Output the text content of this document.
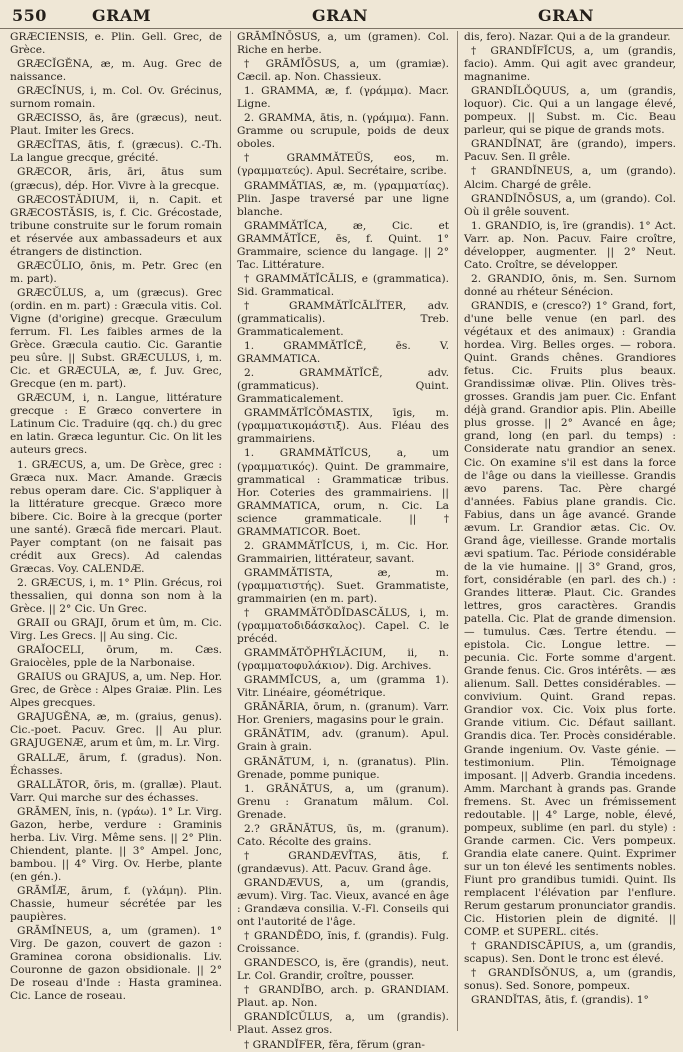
550	GRAM	GRAN	GRAN

GRÆCIENSIS, e. Plin. Gell. Grec, de Grèce.

GRÆCĬGĔNA, æ, m. Aug. Grec de naissance.

GRÆCĬNUS, i, m. Col. Ov. Grécinus, surnom romain.

GRÆCISSO, ās, āre (græcus), neut. Plaut. Imiter les Grecs.

GRÆCĬTAS, ātis, f. (græcus). C.-Th. La langue grecque, grécité.

GRÆCOR, āris, āri, ātus sum (græcus), dép. Hor. Vivre à la grecque.

GRÆCOSTĂDIUM, ii, n. Capit. et GRÆCOSTĂSIS, is, f. Cic. Grécostade, tribune construite sur le forum romain et réservée aux ambassadeurs et aux étrangers de distinction.

GRÆCŬLIO, ōnis, m. Petr. Grec (en m. part).

GRÆCŬLUS, a, um (græcus). Grec (ordin. en m. part) : Græcula vitis. Col. Vigne (d'origine) grecque. Græculum ferrum. Fl. Les faibles armes de la Grèce. Græcula cautio. Cic. Garantie peu sûre. || Subst. GRÆCULUS, i, m. Cic. et GRÆCULA, æ, f. Juv. Grec, Grecque (en m. part).

GRÆCUM, i, n. Langue, littérature grecque : E Græco convertere in Latinum Cic. Traduire (qq. ch.) du grec en latin. Græca leguntur. Cic. On lit les auteurs grecs.

1. GRÆCUS, a, um. De Grèce, grec : Græca nux. Macr. Amande. Græcis rebus operam dare. Cic. S'appliquer à la littérature grecque. Græco more bibere. Cic. Boire à la grecque (porter une santé). Græcā fide mercari. Plaut. Payer comptant (on ne faisait pas crédit aux Grecs). Ad calendas Græcas. Voy. CALENDÆ.

2. GRÆCUS, i, m. 1° Plin. Grécus, roi thessalien, qui donna son nom à la Grèce. || 2° Cic. Un Grec.

GRAII ou GRAJI, ōrum et ûm, m. Cic. Virg. Les Grecs. || Au sing. Cic.

GRAĬOCELI, ōrum, m. Cæs. Graiocèles, pple de la Narbonaise.

GRAIUS ou GRAJUS, a, um. Nep. Hor. Grec, de Grèce : Alpes Graiæ. Plin. Les Alpes grecques.

GRAJUGĔNA, æ, m. (graius, genus). Cic.-poet. Pacuv. Grec. || Au plur. GRAJUGENÆ, arum et ûm, m. Lr. Virg.

GRALLÆ, ārum, f. (gradus). Non. Échasses.

GRALLĀTOR, ōris, m. (grallæ). Plaut. Varr. Qui marche sur des échasses.

GRĀMEN, ĭnis, n. (γράω). 1° Lr. Virg. Gazon, herbe, verdure : Graminis herba. Liv. Virg. Même sens. || 2° Plin. Chiendent, plante. || 3° Ampel. Jonc, bambou. || 4° Virg. Ov. Herbe, plante (en gén.).

GRĀMĬÆ, ārum, f. (γλάμη). Plin. Chassie, humeur sécrétée par les paupières.

GRĀMĬNEUS, a, um (gramen). 1° Virg. De gazon, couvert de gazon : Graminea corona obsidionalis. Liv. Couronne de gazon obsidionale. || 2° De roseau d'Inde : Hasta graminea. Cic. Lance de roseau.

GRĀMĬNŌSUS, a, um (gramen). Col. Riche en herbe.

† GRĀMĬŌSUS, a, um (gramiæ). Cæcil. ap. Non. Chassieux.

1. GRAMMA, æ, f. (γράμμα). Macr. Ligne.

2. GRAMMA, ātis, n. (γράμμα). Fann. Gramme ou scrupule, poids de deux oboles.

† GRAMMĂTEŬS, eos, m. (γραμματεύς). Apul. Secrétaire, scribe.

GRAMMĂTIAS, æ, m. (γραμματίας). Plin. Jaspe traversé par une ligne blanche.

GRAMMĂTĬCA, æ, Cic. et GRAMMĂTĬCE, ēs, f. Quint. 1° Grammaire, science du langage. || 2° Tac. Littérature.

† GRAMMĂTĬCĀLIS, e (grammatica). Sid. Grammatical.

† GRAMMĂTĬCĀLĬTER, adv. (grammaticalis). Treb. Grammaticalement.

1. GRAMMĂTĬCĒ, ēs. V. GRAMMATICA.

2. GRAMMĂTĬCĒ, adv. (grammaticus). Quint. Grammaticalement.

GRAMMĂTĬCŎMASTIX, īgis, m. (γραμματικομάστιξ). Aus. Fléau des grammairiens.

1. GRAMMĂTĬCUS, a, um (γραμματικός). Quint. De grammaire, grammatical : Grammaticæ tribus. Hor. Coteries des grammairiens. || GRAMMATICA, orum, n. Cic. La science grammaticale. || † GRAMMATICOR. Boet.

2. GRAMMĂTĬCUS, i, m. Cic. Hor. Grammairien, littérateur, savant.

GRAMMĂTISTA, æ, m. (γραμματιστής). Suet. Grammatiste, grammairien (en m. part).

† GRAMMĂTŎDĬDASCĂLUS, i, m. (γραμματοδιδάσκαλος). Capel. C. le précéd.

GRAMMĂTŎPHȲLĂCIUM, ii, n. (γραμματοφυλάκιον). Dig. Archives.

GRAMMĬCUS, a, um (gramma 1). Vitr. Linéaire, géométrique.

GRĀNĀRIA, ōrum, n. (granum). Varr. Hor. Greniers, magasins pour le grain.

GRĀNĀTIM, adv. (granum). Apul. Grain à grain.

GRĀNĀTUM, i, n. (granatus). Plin. Grenade, pomme punique.

1. GRĀNĀTUS, a, um (granum). Grenu : Granatum mālum. Col. Grenade.

2.? GRĀNĀTUS, ūs, m. (granum). Cato. Récolte des grains.

† GRANDÆVĬTAS, ātis, f. (grandævus). Att. Pacuv. Grand âge.

GRANDÆVUS, a, um (grandis, ævum). Virg. Tac. Vieux, avancé en âge : Grandæva consilia. V.-Fl. Conseils qui ont l'autorité de l'âge.

† GRANDĒDO, ĭnis, f. (grandis). Fulg. Croissance.

GRANDESCO, is, ĕre (grandis), neut. Lr. Col. Grandir, croître, pousser.

† GRANDĬBO, arch. p. GRANDIAM. Plaut. ap. Non.

GRANDĬCŬLUS, a, um (grandis). Plaut. Assez gros.

† GRANDĬFER, fĕra, fĕrum (gran-

dis, fero). Nazar. Qui a de la grandeur.

† GRANDĬFĬCUS, a, um (grandis, facio). Amm. Qui agit avec grandeur, magnanime.

GRANDĬLŎQUUS, a, um (grandis, loquor). Cic. Qui a un langage élevé, pompeux. || Subst. m. Cic. Beau parleur, qui se pique de grands mots.

GRANDĬNAT, āre (grando), impers. Pacuv. Sen. Il grêle.

† GRANDĬNEUS, a, um (grando). Alcim. Chargé de grêle.

GRANDĬNŌSUS, a, um (grando). Col. Où il grêle souvent.

1. GRANDIO, is, īre (grandis). 1° Act. Varr. ap. Non. Pacuv. Faire croître, développer, augmenter. || 2° Neut. Cato. Croître, se développer.

2. GRANDIO, ōnis, m. Sen. Surnom donné au rhéteur Sénécion.

GRANDIS, e (cresco?) 1° Grand, fort, d'une belle venue (en parl. des végétaux et des animaux) : Grandia hordea. Virg. Belles orges. — robora. Quint. Grands chênes. Grandiores fetus. Cic. Fruits plus beaux. Grandissimæ olivæ. Plin. Olives très-grosses. Grandis jam puer. Cic. Enfant déjà grand. Grandior apis. Plin. Abeille plus grosse. || 2° Avancé en âge; grand, long (en parl. du temps) : Considerate natu grandior an senex. Cic. On examine s'il est dans la force de l'âge ou dans la vieillesse. Grandis ævo parens. Tac. Père chargé d'années. Fabius plane grandis. Cic. Fabius, dans un âge avancé. Grande ævum. Lr. Grandior ætas. Cic. Ov. Grand âge, vieillesse. Grande mortalis ævi spatium. Tac. Période considérable de la vie humaine. || 3° Grand, gros, fort, considérable (en parl. des ch.) : Grandes litteræ. Plaut. Cic. Grandes lettres, gros caractères. Grandis patella. Cic. Plat de grande dimension. — tumulus. Cæs. Tertre étendu. — epistola. Cic. Longue lettre. — pecunia. Cic. Forte somme d'argent. Grande fenus. Cic. Gros intérêts. — æs alienum. Sall. Dettes considérables. — convivium. Quint. Grand repas. Grandior vox. Cic. Voix plus forte. Grande vitium. Cic. Défaut saillant. Grandis dica. Ter. Procès considérable. Grande ingenium. Ov. Vaste génie. — testimonium. Plin. Témoignage imposant. || Adverb. Grandia incedens. Amm. Marchant à grands pas. Grande fremens. St. Avec un frémissement redoutable. || 4° Large, noble, élevé, pompeux, sublime (en parl. du style) : Grande carmen. Cic. Vers pompeux. Grandia elate canere. Quint. Exprimer sur un ton élevé les sentiments nobles. Fiunt pro grandibus tumidi. Quint. Ils remplacent l'élévation par l'enflure. Rerum gestarum pronunciator grandis. Cic. Historien plein de dignité. || COMP. et SUPERL. cités.

† GRANDISCĀPIUS, a, um (grandis, scapus). Sen. Dont le tronc est élevé.

† GRANDĬSŎNUS, a, um (grandis, sonus). Sed. Sonore, pompeux.

GRANDĬTAS, ātis, f. (grandis). 1°
